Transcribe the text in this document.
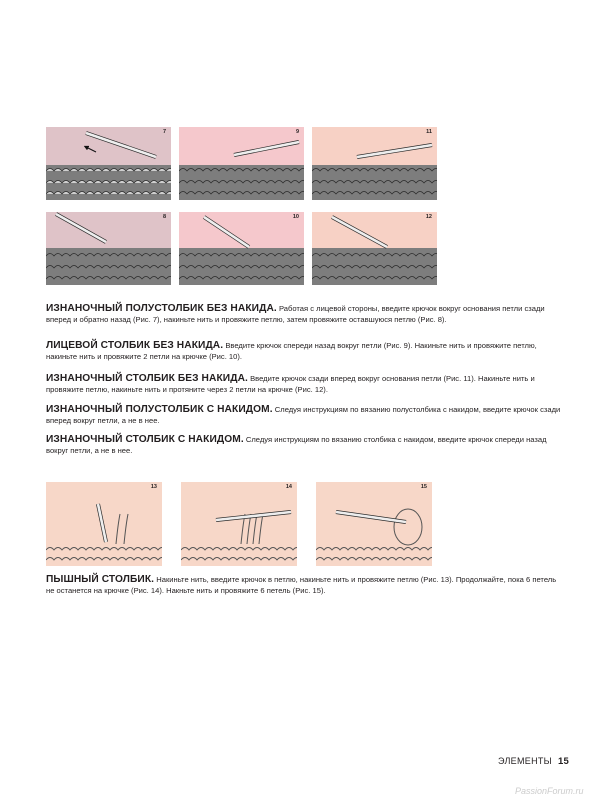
7	9	11
8	10	12
ИЗНАНОЧНЫЙ ПОЛУСТОЛБИК БЕЗ НАКИДА. Работая с лицевой стороны, введите крючок вокруг основания петли сзади вперед и обратно назад (Рис. 7), накиньте нить и провяжите петлю, затем провяжите оставшуюся петлю (Рис. 8).
ЛИЦЕВОЙ СТОЛБИК БЕЗ НАКИДА. Введите крючок спереди назад вокруг петли (Рис. 9). Накиньте нить и провяжите петлю, накиньте нить и провяжите 2 петли на крючке (Рис. 10).
ИЗНАНОЧНЫЙ СТОЛБИК БЕЗ НАКИДА. Введите крючок сзади вперед вокруг основания петли (Рис. 11). Накиньте нить и провяжите петлю, накиньте нить и протяните через 2 петли на крючке (Рис. 12).
ИЗНАНОЧНЫЙ ПОЛУСТОЛБИК С НАКИДОМ. Следуя инструкциям по вязанию полустолбика с накидом, введите крючок сзади вперед вокруг петли, а не в нее.
ИЗНАНОЧНЫЙ СТОЛБИК С НАКИДОМ. Следуя инструкциям по вязанию столбика с накидом, введите крючок спереди назад вокруг петли, а не в нее.
13	14	15
ПЫШНЫЙ СТОЛБИК. Накиньте нить, введите крючок в петлю, накиньте нить и провяжите петлю (Рис. 13). Продолжайте, пока 6 петель не останется на крючке (Рис. 14). Накньте нить и провяжите 6 петель (Рис. 15).
ЭЛЕМЕНТЫ 15
PassionForum.ru
